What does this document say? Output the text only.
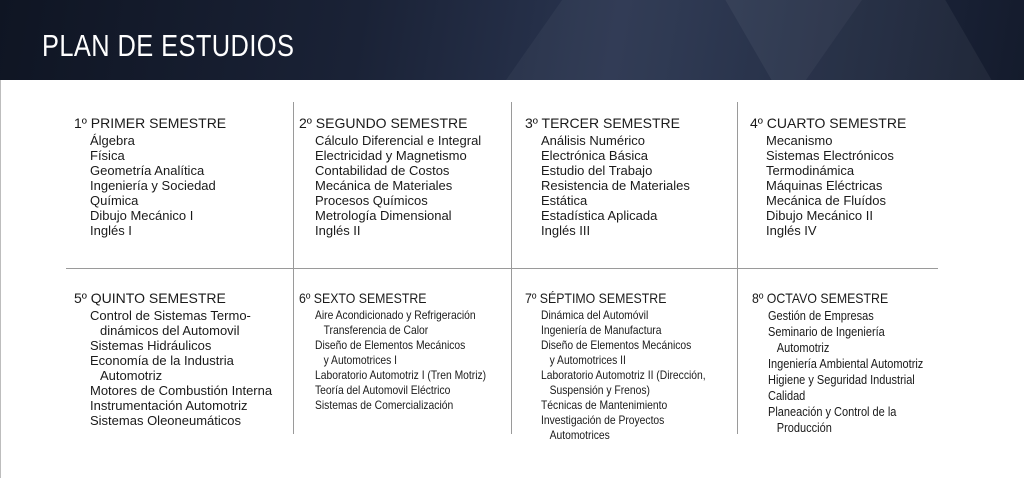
PLAN DE ESTUDIOS
1º PRIMER SEMESTRE
Álgebra
Física
Geometría Analítica
Ingeniería y Sociedad
Química
Dibujo Mecánico I
Inglés I
2º SEGUNDO SEMESTRE
Cálculo Diferencial e Integral
Electricidad y Magnetismo
Contabilidad de Costos
Mecánica de Materiales
Procesos Químicos
Metrología Dimensional
Inglés II
3º TERCER SEMESTRE
Análisis Numérico
Electrónica Básica
Estudio del Trabajo
Resistencia de Materiales
Estática
Estadística Aplicada
Inglés III
4º CUARTO SEMESTRE
Mecanismo
Sistemas Electrónicos
Termodinámica
Máquinas Eléctricas
Mecánica de Fluídos
Dibujo Mecánico II
Inglés IV
5º QUINTO SEMESTRE
Control de Sistemas Termo-
dinámicos del Automovil
Sistemas Hidráulicos
Economía de la Industria
Automotriz
Motores de Combustión Interna
Instrumentación Automotriz
Sistemas Oleoneumáticos
6º SEXTO SEMESTRE
Aire Acondicionado y Refrigeración
Transferencia de Calor
Diseño de Elementos Mecánicos
y Automotrices I
Laboratorio Automotriz I (Tren Motriz)
Teoría del Automovil Eléctrico
Sistemas de Comercialización
7º SÉPTIMO SEMESTRE
Dinámica del Automóvil
Ingeniería de Manufactura
Diseño de Elementos Mecánicos
y Automotrices II
Laboratorio Automotriz II (Dirección,
Suspensión y Frenos)
Técnicas de Mantenimiento
Investigación de Proyectos
Automotrices
8º OCTAVO SEMESTRE
Gestión de Empresas
Seminario de Ingeniería
Automotriz
Ingeniería Ambiental Automotriz
Higiene y Seguridad Industrial
Calidad
Planeación y Control de la
Producción
